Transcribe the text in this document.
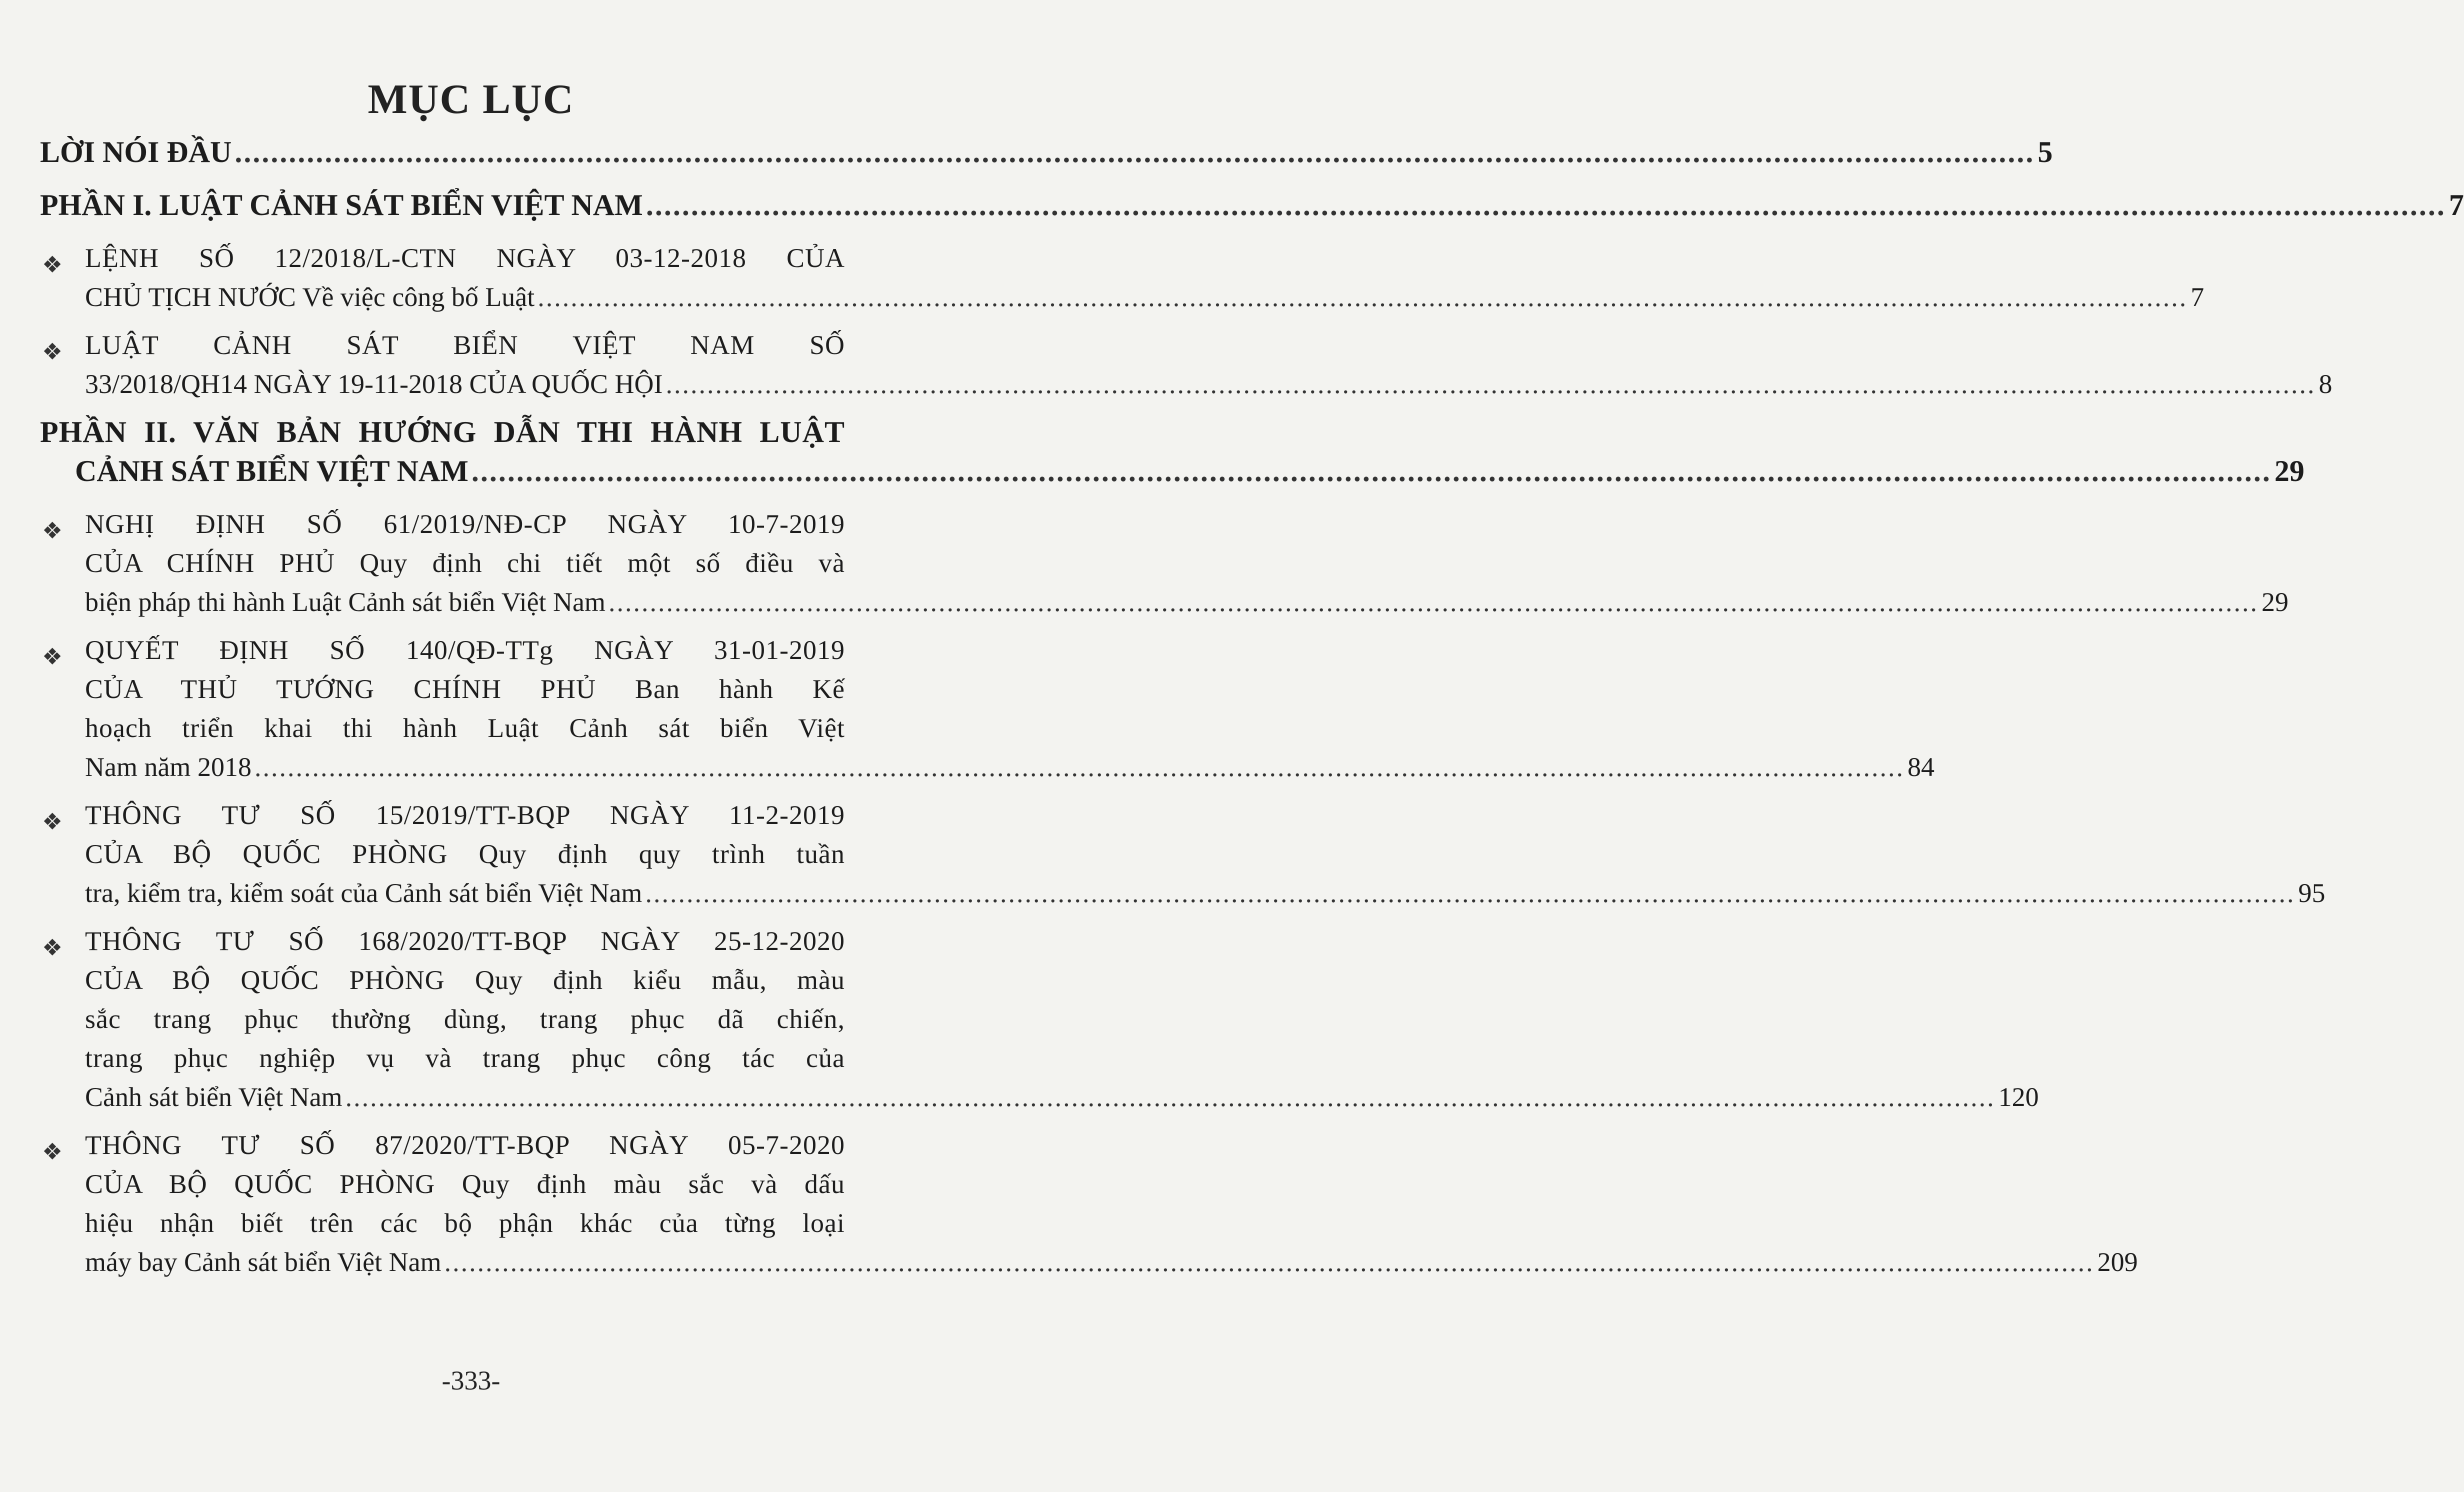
MỤC LỤC
LỜI NÓI ĐẦU ........................................................................................................................................................................................................ 5
PHẦN I. LUẬT CẢNH SÁT BIỂN VIỆT NAM ........................................................................................................................................................................................................ 7
❖ LỆNH SỐ 12/2018/L-CTN NGÀY 03-12-2018 CỦA
CHỦ TỊCH NƯỚC Về việc công bố Luật ........................................................................................................................................................................................................ 7
❖ LUẬT CẢNH SÁT BIỂN VIỆT NAM SỐ
33/2018/QH14 NGÀY 19-11-2018 CỦA QUỐC HỘI ........................................................................................................................................................................................................ 8
PHẦN II. VĂN BẢN HƯỚNG DẪN THI HÀNH LUẬT
CẢNH SÁT BIỂN VIỆT NAM ........................................................................................................................................................................................................ 29
❖ NGHỊ ĐỊNH SỐ 61/2019/NĐ-CP NGÀY 10-7-2019
CỦA CHÍNH PHỦ Quy định chi tiết một số điều và
biện pháp thi hành Luật Cảnh sát biển Việt Nam ........................................................................................................................................................................................................ 29
❖ QUYẾT ĐỊNH SỐ 140/QĐ-TTg NGÀY 31-01-2019
CỦA THỦ TƯỚNG CHÍNH PHỦ Ban hành Kế
hoạch triển khai thi hành Luật Cảnh sát biển Việt
Nam năm 2018 ........................................................................................................................................................................................................ 84
❖ THÔNG TƯ SỐ 15/2019/TT-BQP NGÀY 11-2-2019
CỦA BỘ QUỐC PHÒNG Quy định quy trình tuần
tra, kiểm tra, kiểm soát của Cảnh sát biển Việt Nam ........................................................................................................................................................................................................ 95
❖ THÔNG TƯ SỐ 168/2020/TT-BQP NGÀY 25-12-2020
CỦA BỘ QUỐC PHÒNG Quy định kiểu mẫu, màu
sắc trang phục thường dùng, trang phục dã chiến,
trang phục nghiệp vụ và trang phục công tác của
Cảnh sát biển Việt Nam ........................................................................................................................................................................................................ 120
❖ THÔNG TƯ SỐ 87/2020/TT-BQP NGÀY 05-7-2020
CỦA BỘ QUỐC PHÒNG Quy định màu sắc và dấu
hiệu nhận biết trên các bộ phận khác của từng loại
máy bay Cảnh sát biển Việt Nam ........................................................................................................................................................................................................ 209
-333-
